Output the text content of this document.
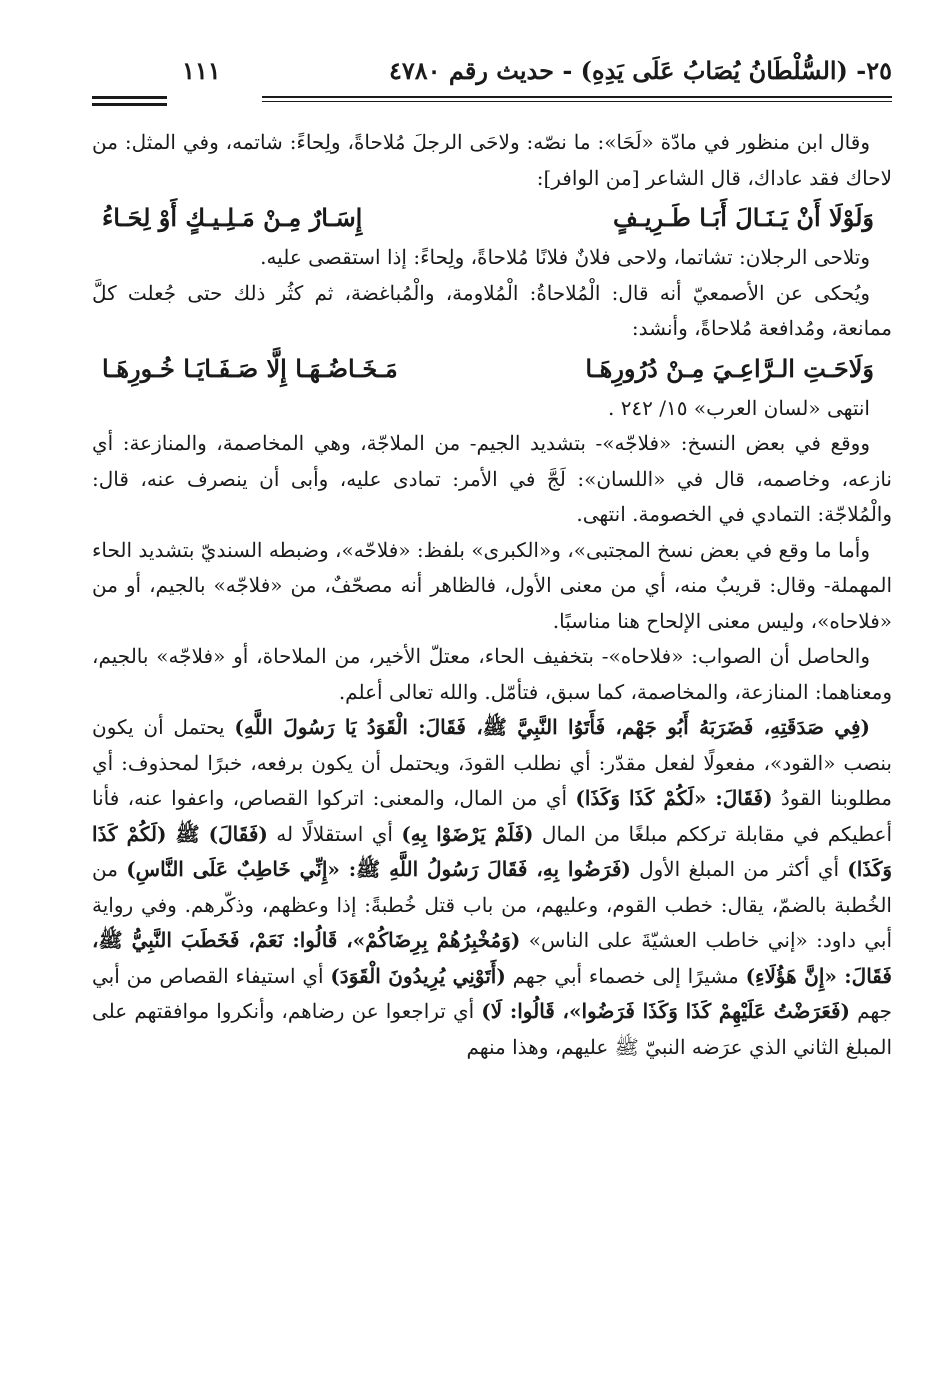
٢٥- (السُّلْطَانُ يُصَابُ عَلَى يَدِهِ) - حديث رقم ٤٧٨٠
١١١

وقال ابن منظور في مادّة «لَحَا»: ما نصّه: ولاحَى الرجلَ مُلاحاةً، ولِحاءً: شاتمه، وفي المثل: من لاحاك فقد عاداك، قال الشاعر [من الوافر]:

وَلَوْلَا أَنْ يَـنَـالَ أَبَـا طَـرِيـفٍ
إِسَـارٌ مِـنْ مَـلِـيـكٍ أَوْ لِحَـاءُ

وتلاحى الرجلان: تشاتما، ولاحى فلانٌ فلانًا مُلاحاةً، ولِحاءً: إذا استقصى عليه.

ويُحكى عن الأصمعيّ أنه قال: الْمُلاحاةُ: الْمُلاومة، والْمُباغضة، ثم كثُر ذلك حتى جُعلت كلَّ ممانعة، ومُدافعة مُلاحاةً، وأنشد:

وَلَاحَـتِ الـرَّاعِـيَ مِـنْ دُرُورِهَـا
مَـخَـاضُـهَـا إِلَّا صَـفَـايَـا خُـورِهَـا

انتهى «لسان العرب» ١٥/ ٢٤٢ .

ووقع في بعض النسخ: «فلاجّه»- بتشديد الجيم- من الملاجّة، وهي المخاصمة، والمنازعة: أي نازعه، وخاصمه، قال في «اللسان»: لَجَّ في الأمر: تمادى عليه، وأبى أن ينصرف عنه، قال: والْمُلاجّة: التمادي في الخصومة. انتهى.

وأما ما وقع في بعض نسخ المجتبى»، و«الكبرى» بلفظ: «فلاحّه»، وضبطه السنديّ بتشديد الحاء المهملة- وقال: قريبٌ منه، أي من معنى الأول، فالظاهر أنه مصحّفٌ، من «فلاجّه» بالجيم، أو من «فلاحاه»، وليس معنى الإلحاح هنا مناسبًا.

والحاصل أن الصواب: «فلاحاه»- بتخفيف الحاء، معتلّ الأخير، من الملاحاة، أو «فلاجّه» بالجيم، ومعناهما: المنازعة، والمخاصمة، كما سبق، فتأمّل. والله تعالى أعلم.

(فِي صَدَقَتِهِ، فَضَرَبَهُ أَبُو جَهْم، فَأَتَوُا النَّبِيَّ ﷺ، فَقَالَ: الْقَوَدُ يَا رَسُولَ اللَّهِ) يحتمل أن يكون بنصب «القود»، مفعولًا لفعل مقدّر: أي نطلب القودَ، ويحتمل أن يكون برفعه، خبرًا لمحذوف: أي مطلوبنا القودُ (فَقَالَ: «لَكُمْ كَذَا وَكَذَا) أي من المال، والمعنى: اتركوا القصاص، واعفوا عنه، فأنا أعطيكم في مقابلة ترككم مبلغًا من المال (فَلَمْ يَرْضَوْا بِهِ) أي استقلالًا له (فَقَالَ) ﷺ (لَكُمْ كَذَا وَكَذَا) أي أكثر من المبلغ الأول (فَرَضُوا بِهِ، فَقَالَ رَسُولُ اللَّهِ ﷺ: «إِنِّي خَاطِبٌ عَلَى النَّاسِ) من الخُطبة بالضمّ، يقال: خطب القوم، وعليهم، من باب قتل خُطبةً: إذا وعظهم، وذكّرهم. وفي رواية أبي داود: «إني خاطب العشيّةَ على الناس» (وَمُخْبِرُهُمْ بِرِضَاكُمْ»، قَالُوا: نَعَمْ، فَخَطَبَ النَّبِيُّ ﷺ، فَقَالَ: «إِنَّ هَؤُلَاءِ) مشيرًا إلى خصماء أبي جهم (أَتَوْنِي يُرِيدُونَ الْقَوَدَ) أي استيفاء القصاص من أبي جهم (فَعَرَضْتُ عَلَيْهِمْ كَذَا وَكَذَا فَرَضُوا»، قَالُوا: لَا) أي تراجعوا عن رضاهم، وأنكروا موافقتهم على المبلغ الثاني الذي عرَضه النبيّ ﷺ عليهم، وهذا منهم
